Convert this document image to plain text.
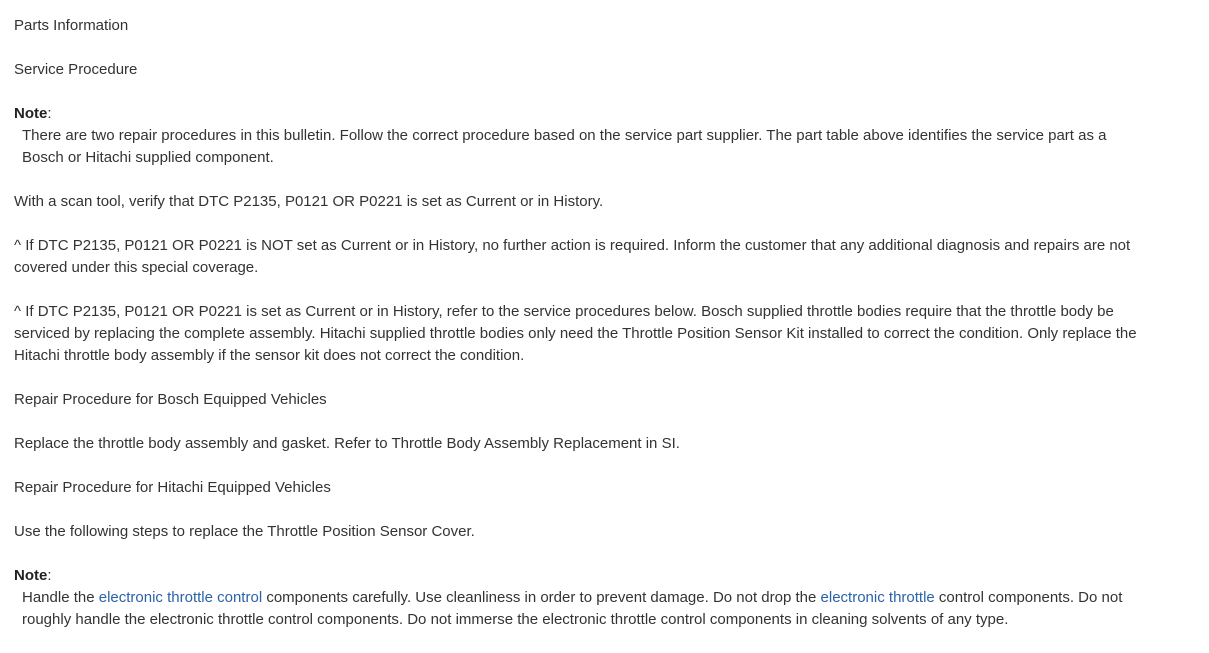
Parts Information
Service Procedure
Note:
There are two repair procedures in this bulletin. Follow the correct procedure based on the service part supplier. The part table above identifies the service part as a Bosch or Hitachi supplied component.
With a scan tool, verify that DTC P2135, P0121 OR P0221 is set as Current or in History.
^ If DTC P2135, P0121 OR P0221 is NOT set as Current or in History, no further action is required. Inform the customer that any additional diagnosis and repairs are not covered under this special coverage.
^ If DTC P2135, P0121 OR P0221 is set as Current or in History, refer to the service procedures below. Bosch supplied throttle bodies require that the throttle body be serviced by replacing the complete assembly. Hitachi supplied throttle bodies only need the Throttle Position Sensor Kit installed to correct the condition. Only replace the Hitachi throttle body assembly if the sensor kit does not correct the condition.
Repair Procedure for Bosch Equipped Vehicles
Replace the throttle body assembly and gasket. Refer to Throttle Body Assembly Replacement in SI.
Repair Procedure for Hitachi Equipped Vehicles
Use the following steps to replace the Throttle Position Sensor Cover.
Note:
Handle the electronic throttle control components carefully. Use cleanliness in order to prevent damage. Do not drop the electronic throttle control components. Do not roughly handle the electronic throttle control components. Do not immerse the electronic throttle control components in cleaning solvents of any type.
